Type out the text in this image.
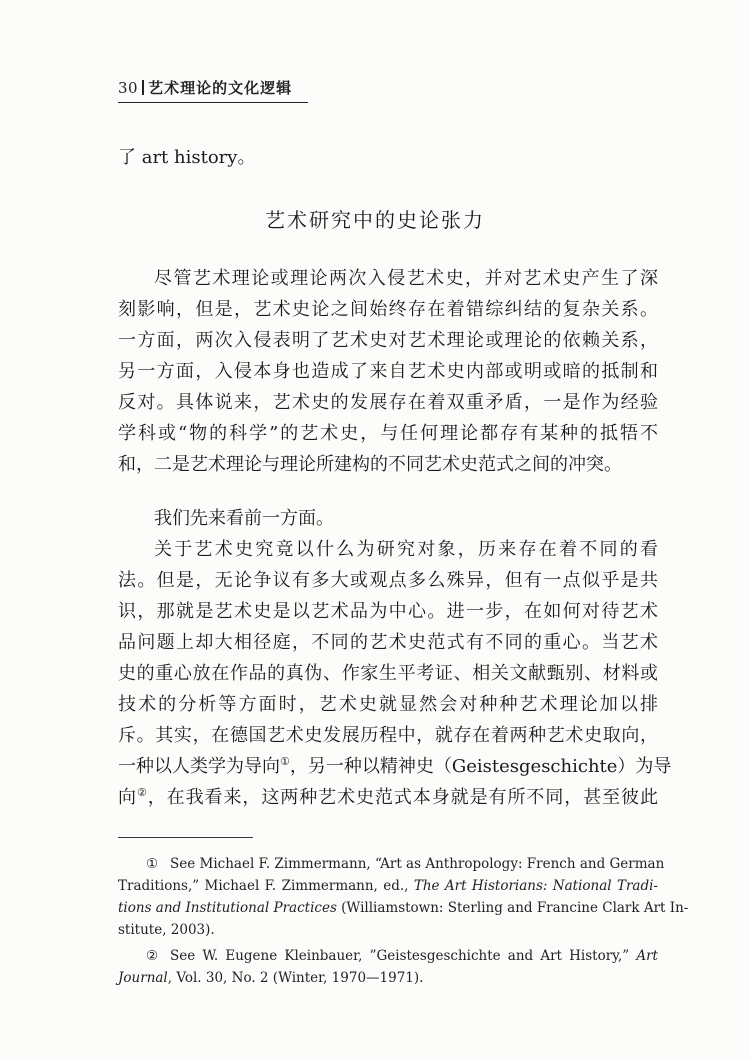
30 艺术理论的文化逻辑
了 art history。
艺术研究中的史论张力
尽管艺术理论或理论两次入侵艺术史，并对艺术史产生了深
刻影响，但是，艺术史论之间始终存在着错综纠结的复杂关系。
一方面，两次入侵表明了艺术史对艺术理论或理论的依赖关系，
另一方面，入侵本身也造成了来自艺术史内部或明或暗的抵制和
反对。具体说来，艺术史的发展存在着双重矛盾，一是作为经验
学科或“物的科学”的艺术史，与任何理论都存有某种的抵牾不
和，二是艺术理论与理论所建构的不同艺术史范式之间的冲突。
我们先来看前一方面。
关于艺术史究竟以什么为研究对象，历来存在着不同的看
法。但是，无论争议有多大或观点多么殊异，但有一点似乎是共
识，那就是艺术史是以艺术品为中心。进一步，在如何对待艺术
品问题上却大相径庭，不同的艺术史范式有不同的重心。当艺术
史的重心放在作品的真伪、作家生平考证、相关文献甄别、材料或
技术的分析等方面时，艺术史就显然会对种种艺术理论加以排
斥。其实，在德国艺术史发展历程中，就存在着两种艺术史取向，
一种以人类学为导向①，另一种以精神史（Geistesgeschichte）为导
向②，在我看来，这两种艺术史范式本身就是有所不同，甚至彼此
① See Michael F. Zimmermann, “Art as Anthropology: French and German
Traditions,” Michael F. Zimmermann, ed., The Art Historians: National Tradi-
tions and Institutional Practices (Williamstown: Sterling and Francine Clark Art In-
stitute, 2003).
② See W. Eugene Kleinbauer, ”Geistesgeschichte and Art History,” Art
Journal, Vol. 30, No. 2 (Winter, 1970—1971).
